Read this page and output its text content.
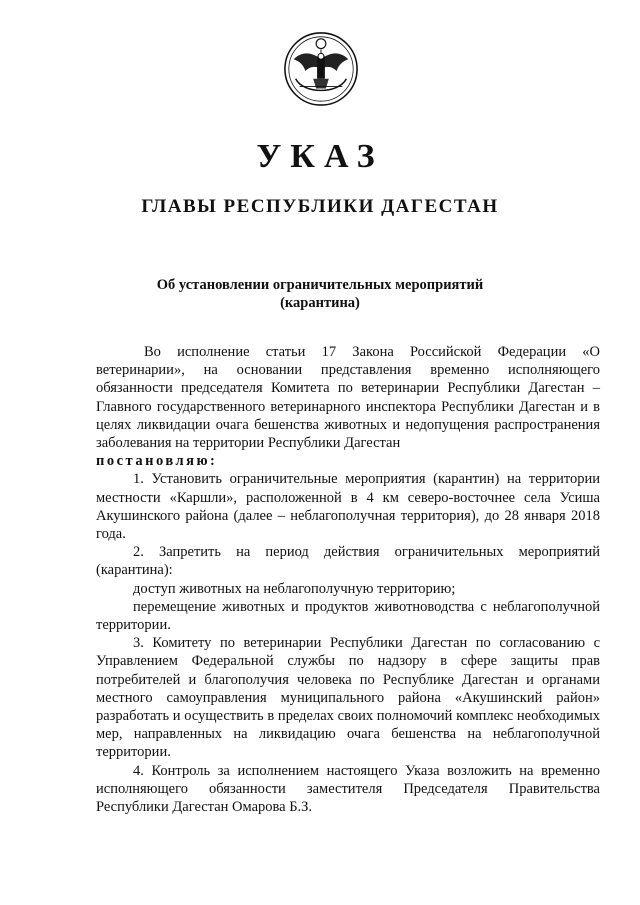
УКАЗ
ГЛАВЫ РЕСПУБЛИКИ ДАГЕСТАН
Об установлении ограничительных мероприятий
(карантина)

Во исполнение статьи 17 Закона Российской Федерации «О ветеринарии», на основании представления временно исполняющего обязанности председателя Комитета по ветеринарии Республики Дагестан – Главного государственного ветеринарного инспектора Республики Дагестан и в целях ликвидации очага бешенства животных и недопущения распространения заболевания на территории Республики Дагестан

постановляю:

1. Установить ограничительные мероприятия (карантин) на территории местности «Каршли», расположенной в 4 км северо-восточнее села Усиша Акушинского района (далее – неблагополучная территория), до 28 января 2018 года.

2. Запретить на период действия ограничительных мероприятий (карантина):

доступ животных на неблагополучную территорию;

перемещение животных и продуктов животноводства с неблагополучной территории.

3. Комитету по ветеринарии Республики Дагестан по согласованию с Управлением Федеральной службы по надзору в сфере защиты прав потребителей и благополучия человека по Республике Дагестан и органами местного самоуправления муниципального района «Акушинский район» разработать и осуществить в пределах своих полномочий комплекс необходимых мер, направленных на ликвидацию очага бешенства на неблагополучной территории.

4. Контроль за исполнением настоящего Указа возложить на временно исполняющего обязанности заместителя Председателя Правительства Республики Дагестан Омарова Б.З.
